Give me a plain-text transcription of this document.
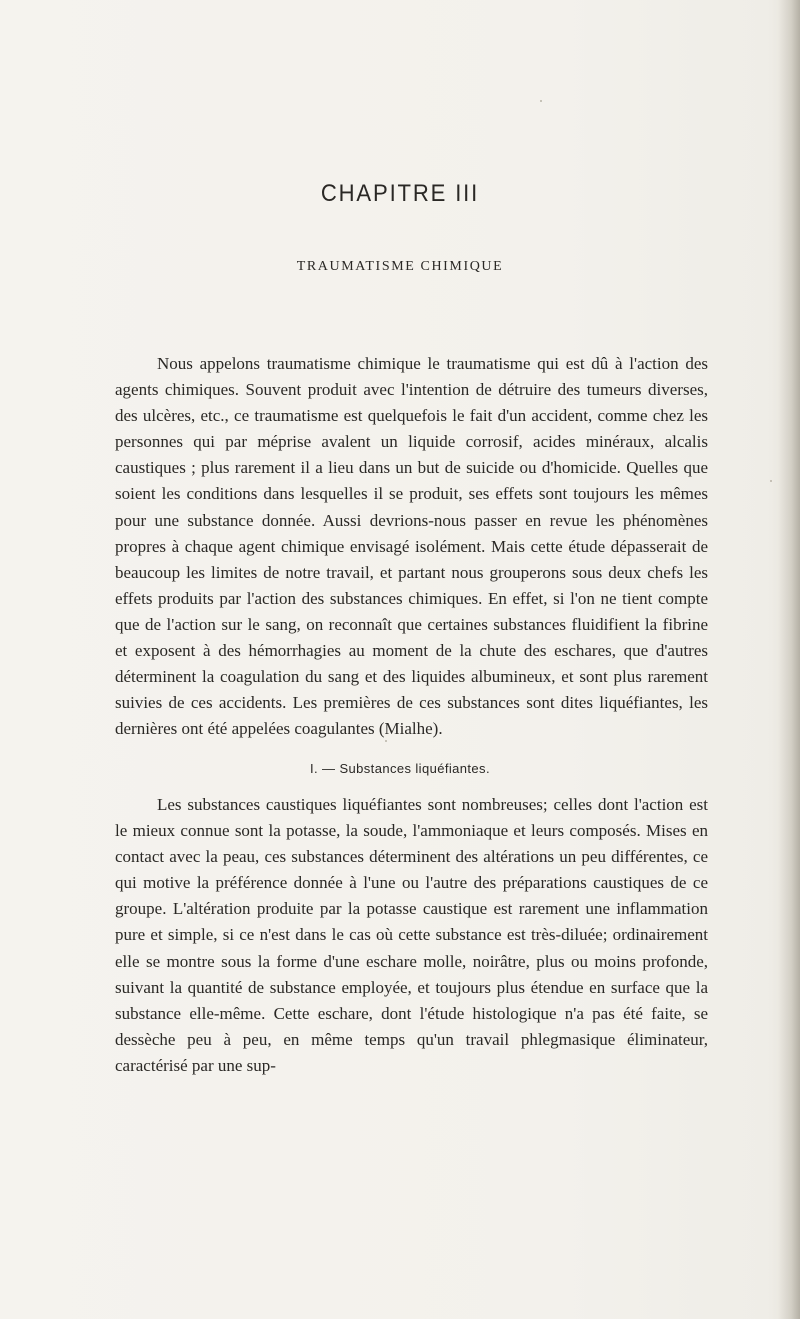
CHAPITRE III
TRAUMATISME CHIMIQUE

Nous appelons traumatisme chimique le traumatisme qui est dû à l'action des agents chimiques. Souvent produit avec l'intention de détruire des tumeurs diverses, des ulcères, etc., ce traumatisme est quelquefois le fait d'un accident, comme chez les personnes qui par méprise avalent un liquide corrosif, acides minéraux, alcalis caustiques ; plus rarement il a lieu dans un but de suicide ou d'homicide. Quelles que soient les conditions dans lesquelles il se produit, ses effets sont toujours les mêmes pour une substance donnée. Aussi devrions-nous passer en revue les phénomènes propres à chaque agent chimique envisagé isolément. Mais cette étude dépasserait de beaucoup les limites de notre travail, et partant nous grouperons sous deux chefs les effets produits par l'action des substances chimiques. En effet, si l'on ne tient compte que de l'action sur le sang, on reconnaît que certaines substances fluidifient la fibrine et exposent à des hémorrhagies au moment de la chute des eschares, que d'autres déterminent la coagulation du sang et des liquides albumineux, et sont plus rarement suivies de ces accidents. Les premières de ces substances sont dites liquéfiantes, les dernières ont été appelées coagulantes (Mialhe).

I. — Substances liquéfiantes.

Les substances caustiques liquéfiantes sont nombreuses; celles dont l'action est le mieux connue sont la potasse, la soude, l'ammoniaque et leurs composés. Mises en contact avec la peau, ces substances déterminent des altérations un peu différentes, ce qui motive la préférence donnée à l'une ou l'autre des préparations caustiques de ce groupe. L'altération produite par la potasse caustique est rarement une inflammation pure et simple, si ce n'est dans le cas où cette substance est très-diluée; ordinairement elle se montre sous la forme d'une eschare molle, noirâtre, plus ou moins profonde, suivant la quantité de substance employée, et toujours plus étendue en surface que la substance elle-même. Cette eschare, dont l'étude histologique n'a pas été faite, se dessèche peu à peu, en même temps qu'un travail phlegmasique éliminateur, caractérisé par une sup-
